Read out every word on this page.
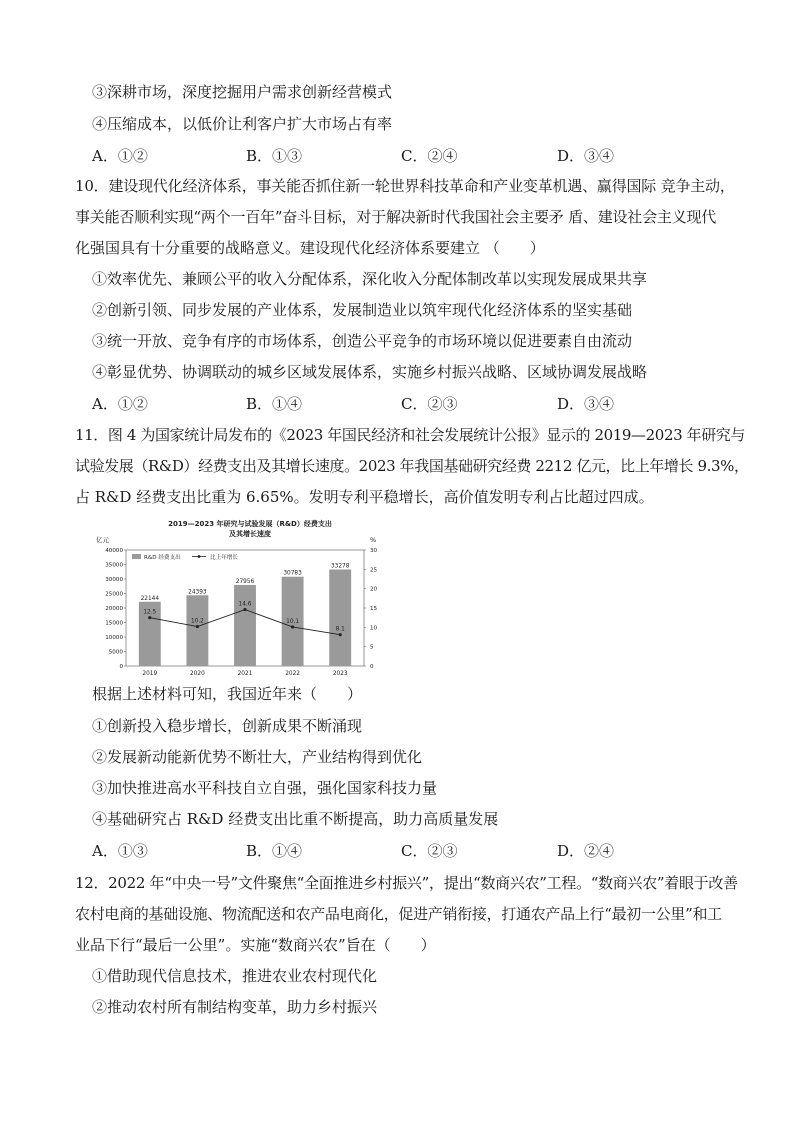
③深耕市场，深度挖掘用户需求创新经营模式
④压缩成本，以低价让利客户扩大市场占有率
A．①②	B．①③	C．②④	D．③④
10．建设现代化经济体系，事关能否抓住新一轮世界科技革命和产业变革机遇、赢得国际 竞争主动，
事关能否顺利实现“两个一百年”奋斗目标，对于解决新时代我国社会主要矛 盾、建设社会主义现代
化强国具有十分重要的战略意义。建设现代化经济体系要建立 （　　）
①效率优先、兼顾公平的收入分配体系，深化收入分配体制改革以实现发展成果共享
②创新引领、同步发展的产业体系，发展制造业以筑牢现代化经济体系的坚实基础
③统一开放、竞争有序的市场体系，创造公平竞争的市场环境以促进要素自由流动
④彰显优势、协调联动的城乡区域发展体系，实施乡村振兴战略、区域协调发展战略
A．①②	B．①④	C．②③	D．③④
11．图 4 为国家统计局发布的《2023 年国民经济和社会发展统计公报》显示的 2019—2023 年研究与
试验发展（R&D）经费支出及其增长速度。2023 年我国基础研究经费 2212 亿元，比上年增长 9.3%，
占 R&D 经费支出比重为 6.65%。发明专利平稳增长，高价值发明专利占比超过四成。
2019—2023 年研究与试验发展（R&D）经费支出
及其增长速度
亿元	%
0
5000
10000
15000
20000
25000
30000
35000
40000
0
5
10
15
20
25
30
22144
2019
24393
2020
27956
2021
30783
2022
33278
2023
12.5
10.2
14.6
10.1
8.1
R&D 经费支出	比上年增长
根据上述材料可知，我国近年来（　　）
①创新投入稳步增长，创新成果不断涌现
②发展新动能新优势不断壮大，产业结构得到优化
③加快推进高水平科技自立自强，强化国家科技力量
④基础研究占 R&D 经费支出比重不断提高，助力高质量发展
A．①③	B．①④	C．②③	D．②④
12．2022 年“中央一号”文件聚焦“全面推进乡村振兴”，提出“数商兴农”工程。“数商兴农”着眼于改善
农村电商的基础设施、物流配送和农产品电商化，促进产销衔接，打通农产品上行“最初一公里”和工
业品下行“最后一公里”。实施“数商兴农”旨在（　　）
①借助现代信息技术，推进农业农村现代化
②推动农村所有制结构变革，助力乡村振兴
